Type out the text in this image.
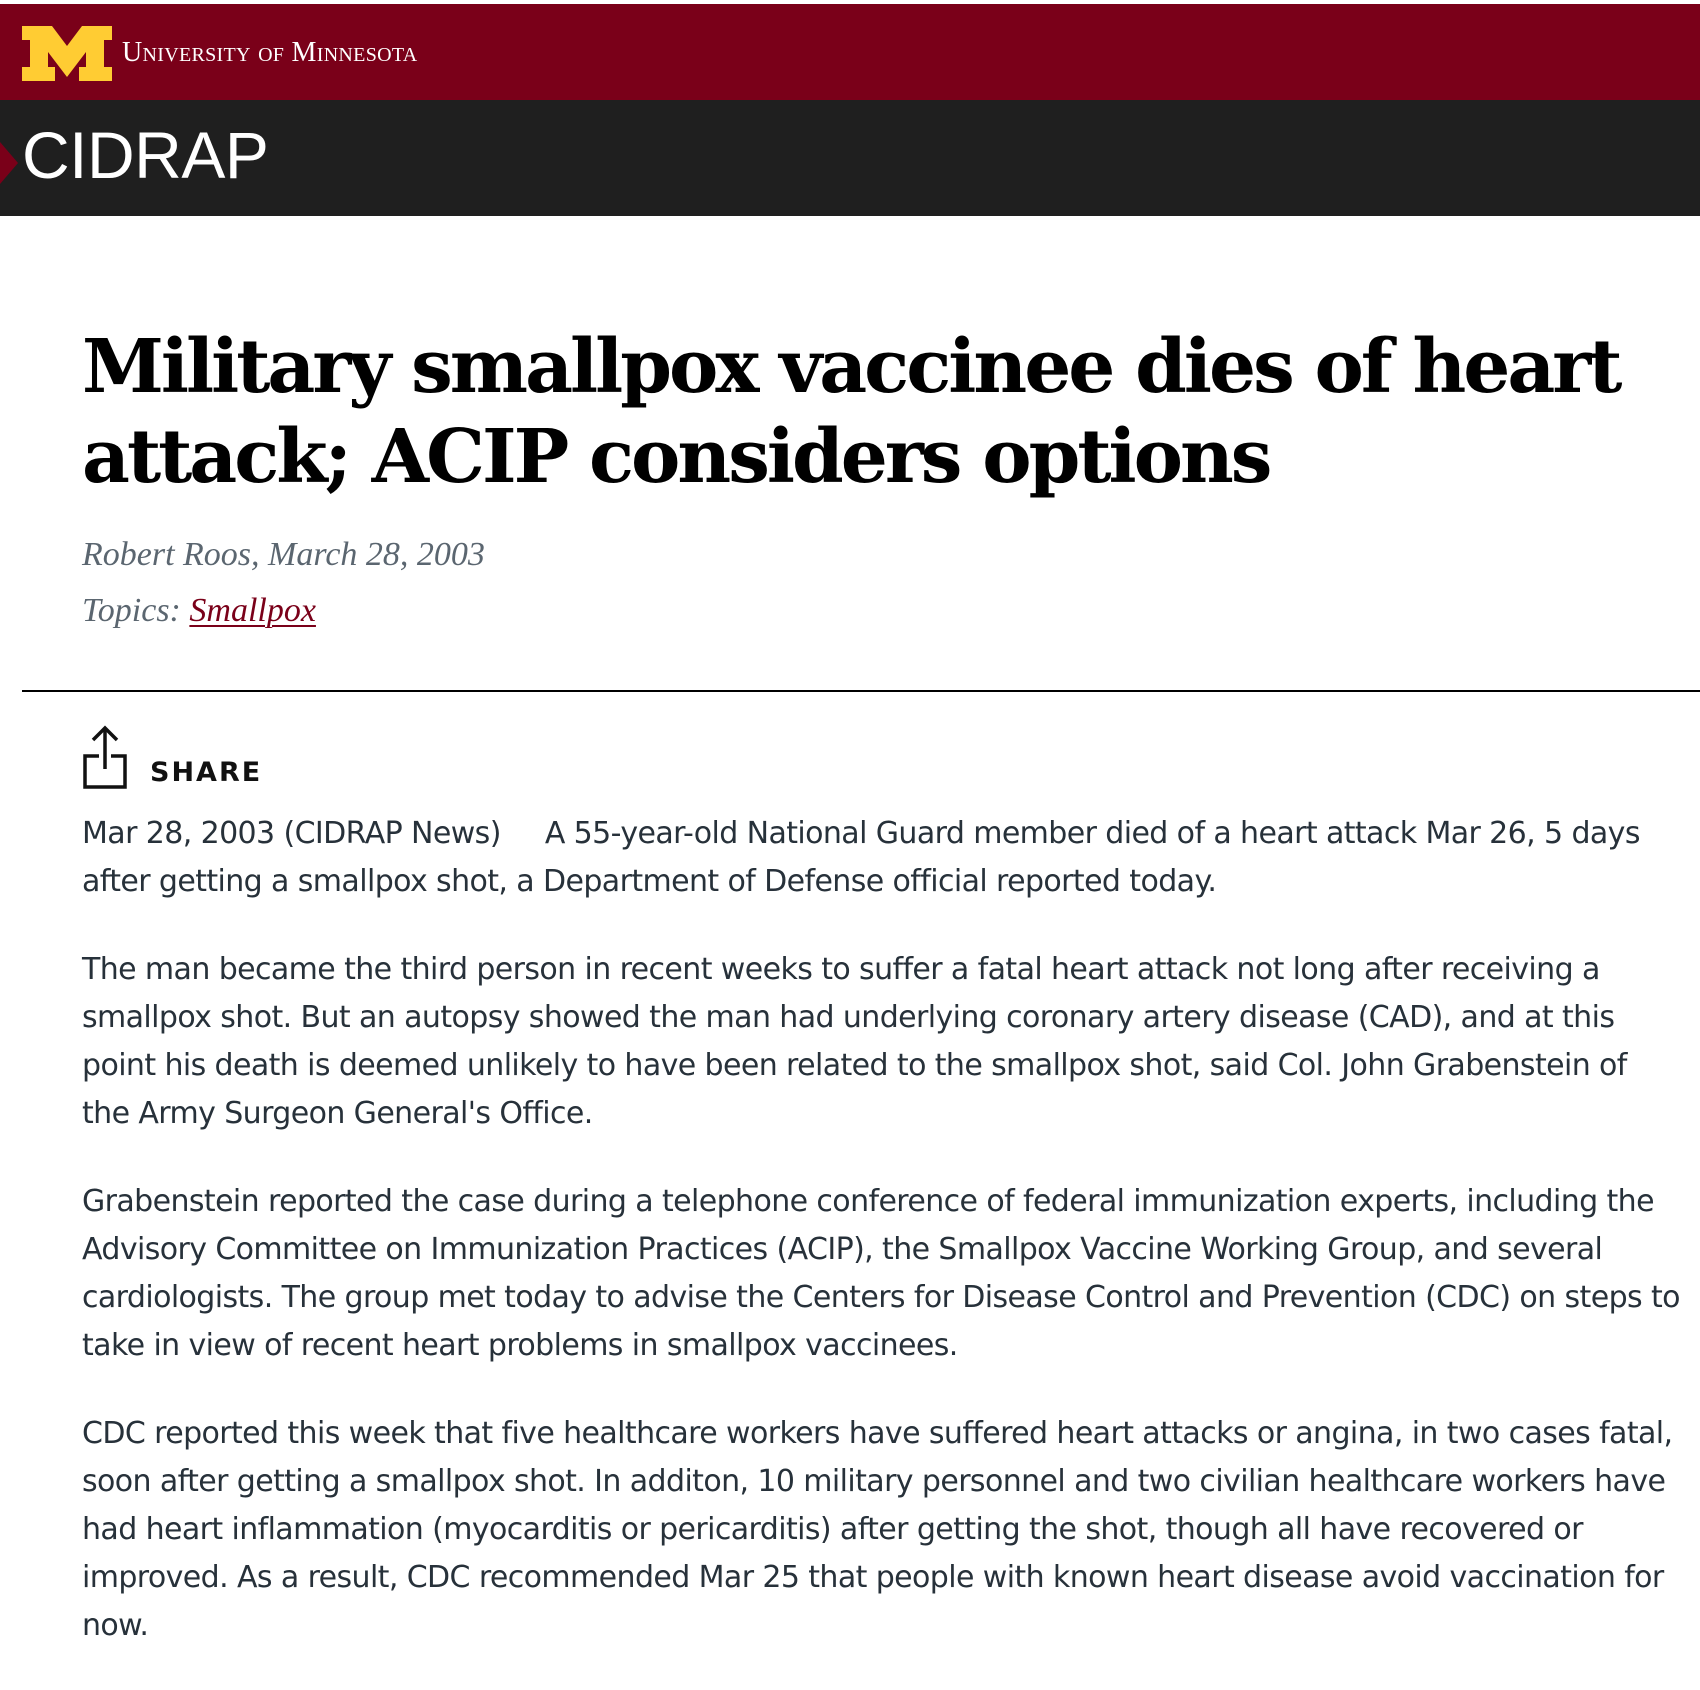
University of Minnesota
CIDRAP
Military smallpox vaccinee dies of heart attack; ACIP considers options
Robert Roos, March 28, 2003
Topics: Smallpox
SHARE

Mar 28, 2003 (CIDRAP News) A 55-year-old National Guard member died of a heart attack Mar 26, 5 days after getting a smallpox shot, a Department of Defense official reported today.

The man became the third person in recent weeks to suffer a fatal heart attack not long after receiving a smallpox shot. But an autopsy showed the man had underlying coronary artery disease (CAD), and at this point his death is deemed unlikely to have been related to the smallpox shot, said Col. John Grabenstein of the Army Surgeon General's Office.

Grabenstein reported the case during a telephone conference of federal immunization experts, including the Advisory Committee on Immunization Practices (ACIP), the Smallpox Vaccine Working Group, and several cardiologists. The group met today to advise the Centers for Disease Control and Prevention (CDC) on steps to take in view of recent heart problems in smallpox vaccinees.

CDC reported this week that five healthcare workers have suffered heart attacks or angina, in two cases fatal, soon after getting a smallpox shot. In additon, 10 military personnel and two civilian healthcare workers have had heart inflammation (myocarditis or pericarditis) after getting the shot, though all have recovered or improved. As a result, CDC recommended Mar 25 that people with known heart disease avoid vaccination for now.
